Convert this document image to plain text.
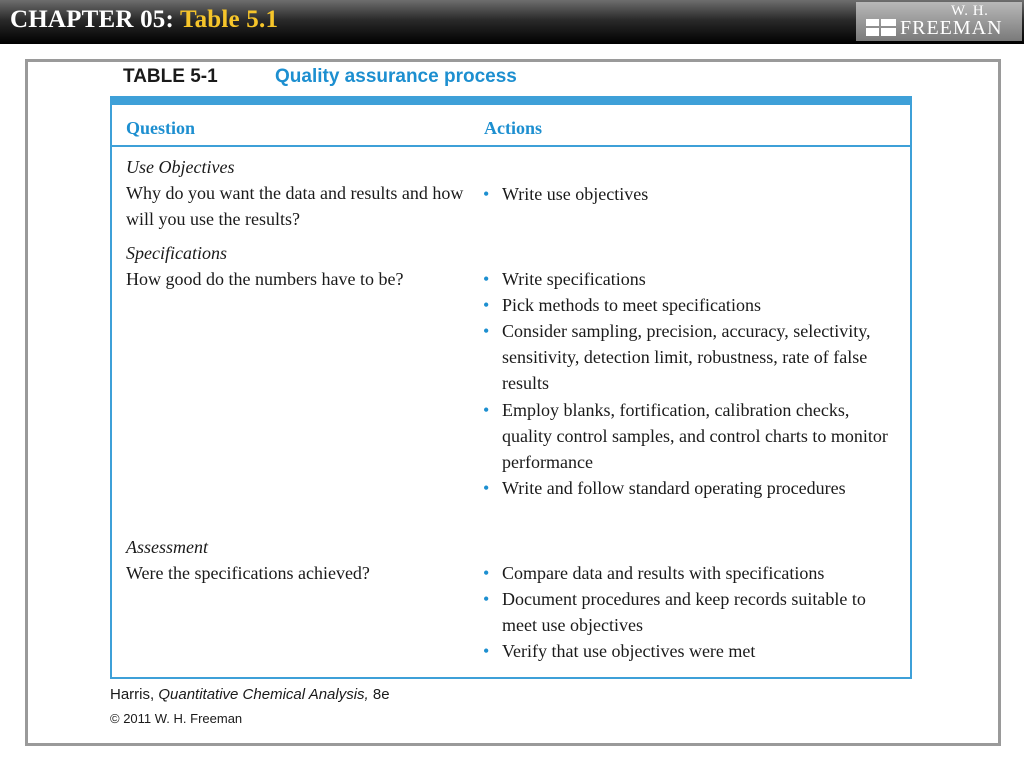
CHAPTER 05: Table 5.1	W. H.
FREEMAN
TABLE 5-1	Quality assurance process
Question	Actions
Use Objectives
Why do you want the data and results and how will you use the results?
• Write use objectives
Specifications
How good do the numbers have to be?	• Write specifications
• Pick methods to meet specifications
• Consider sampling, precision, accuracy, selectivity, sensitivity, detection limit, robustness, rate of false results
• Employ blanks, fortification, calibration checks, quality control samples, and control charts to monitor performance
• Write and follow standard operating procedures
Assessment
Were the specifications achieved?	• Compare data and results with specifications
• Document procedures and keep records suitable to meet use objectives
• Verify that use objectives were met
Harris, Quantitative Chemical Analysis, 8e
© 2011 W. H. Freeman
